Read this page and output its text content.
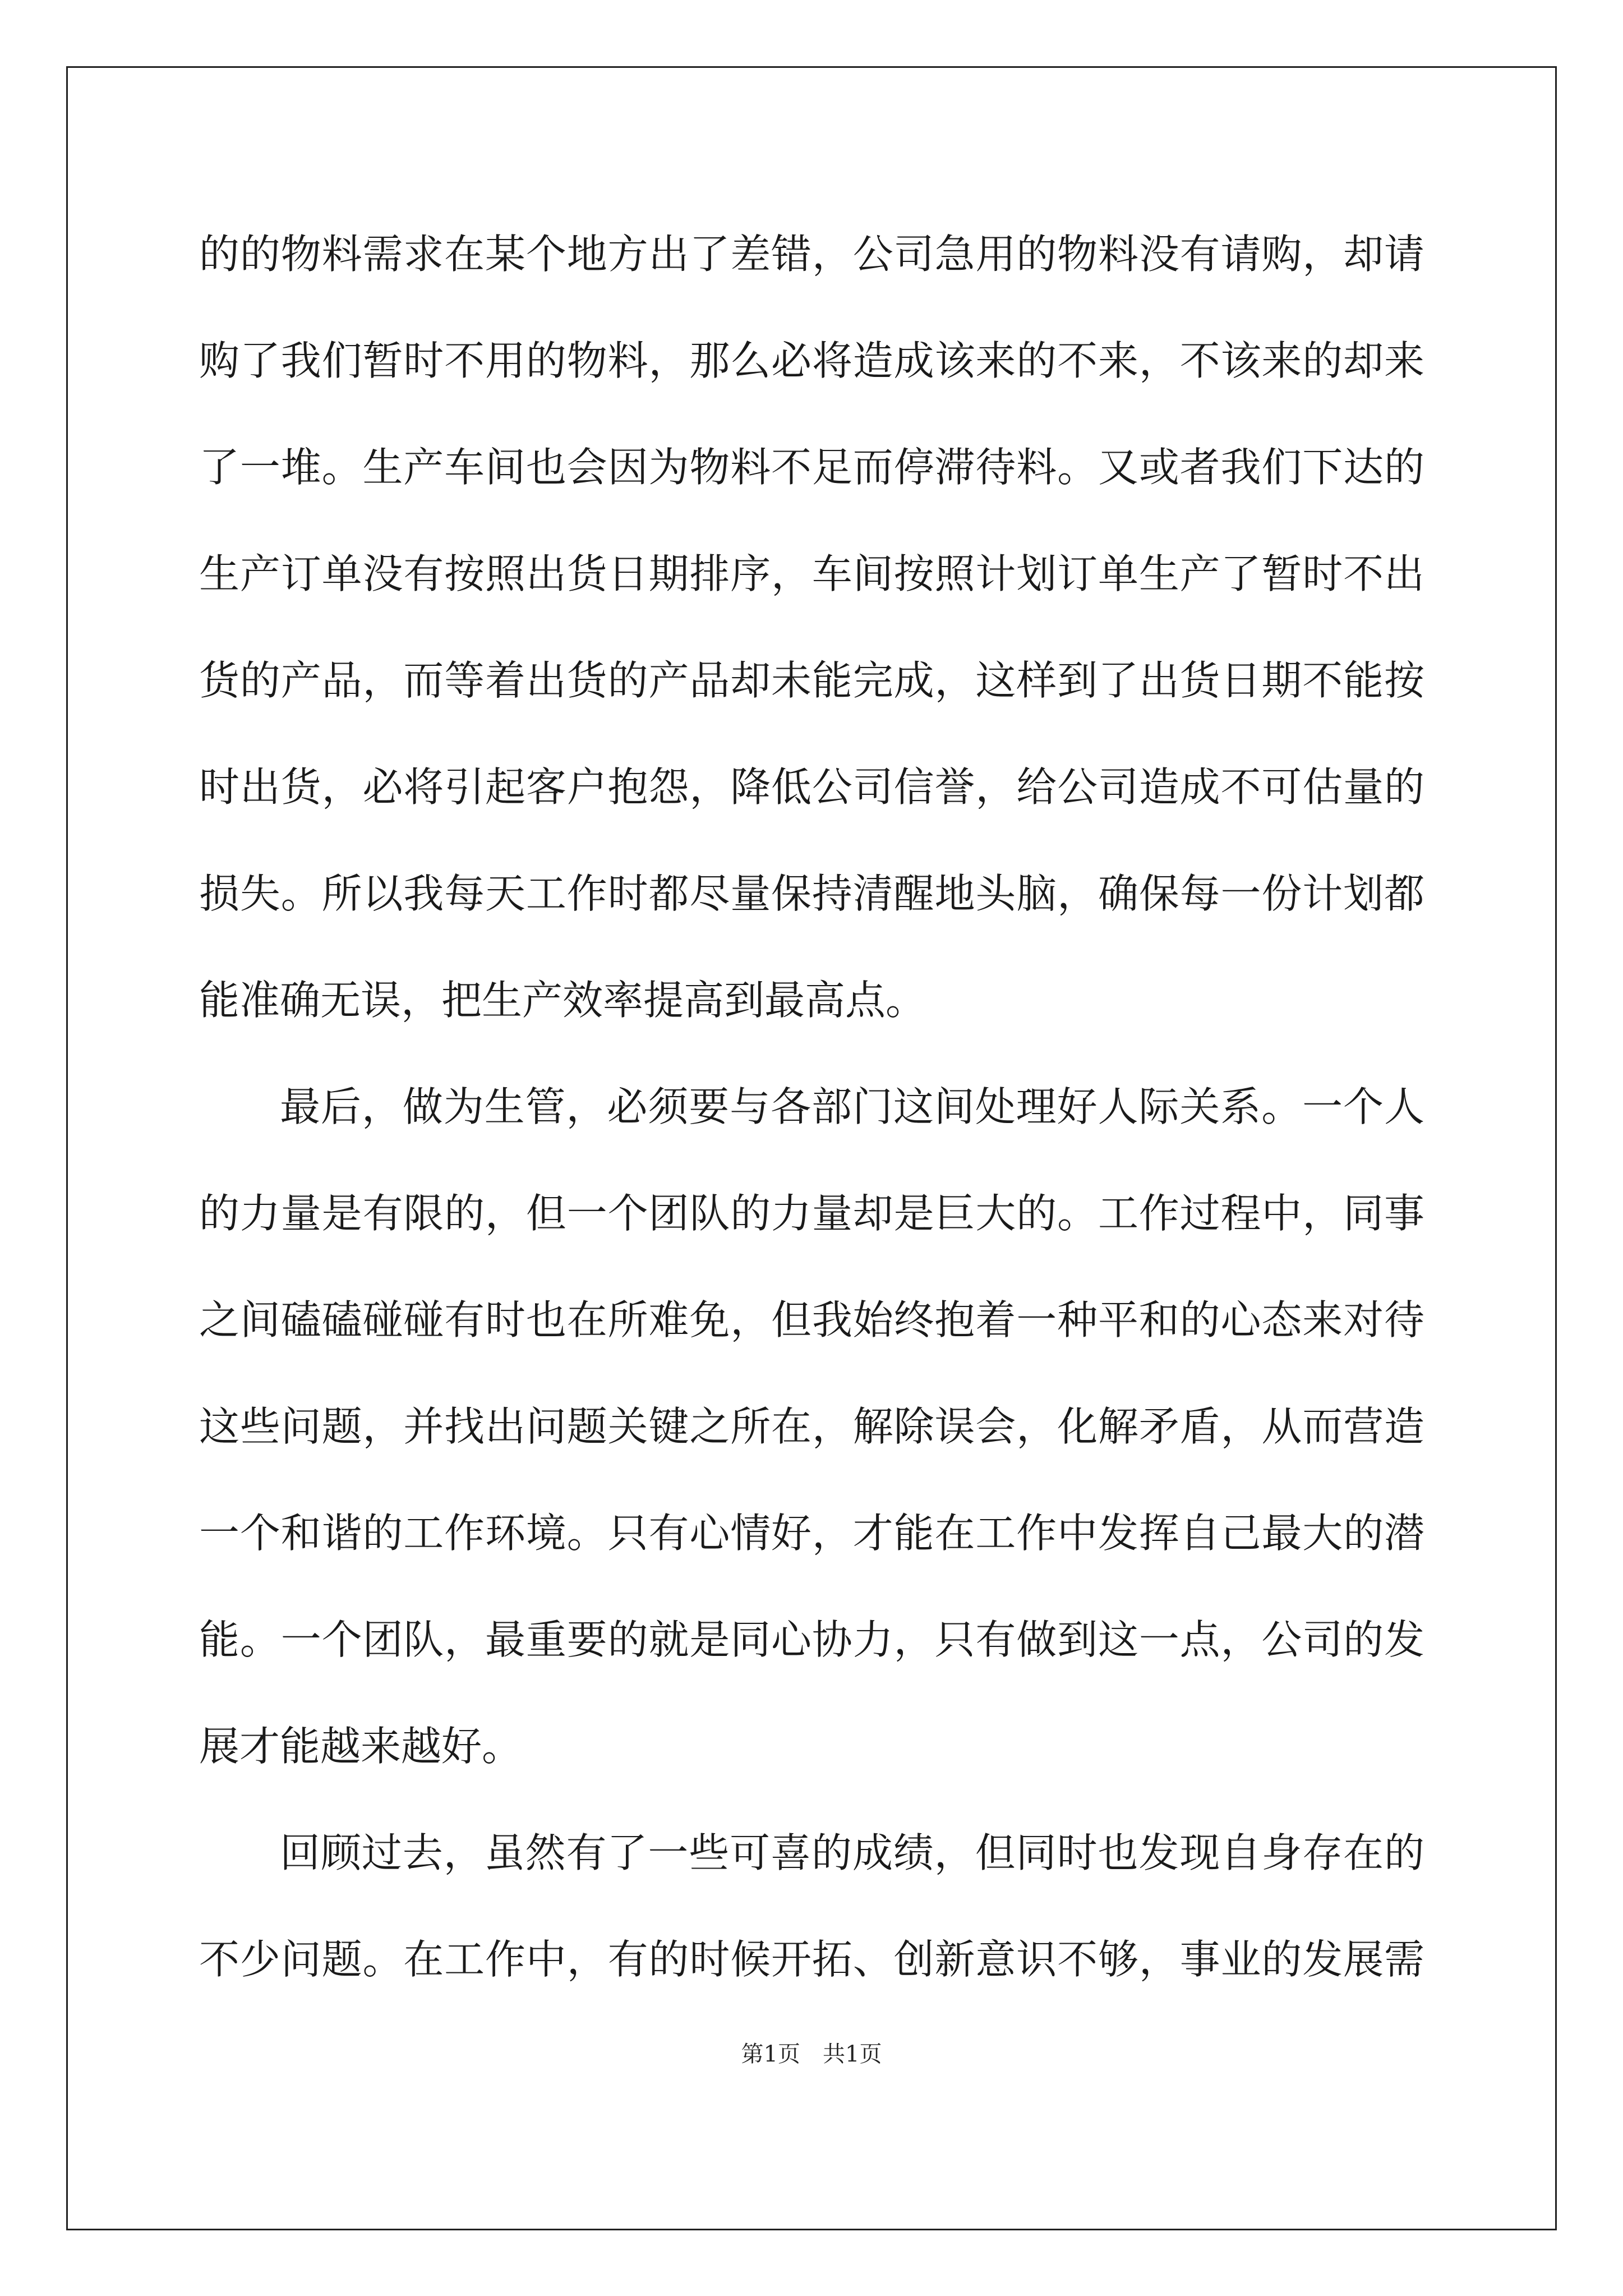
的的物料需求在某个地方出了差错，公司急用的物料没有请购，却请
购了我们暂时不用的物料，那么必将造成该来的不来，不该来的却来
了一堆。生产车间也会因为物料不足而停滞待料。又或者我们下达的
生产订单没有按照出货日期排序，车间按照计划订单生产了暂时不出
货的产品，而等着出货的产品却未能完成，这样到了出货日期不能按
时出货，必将引起客户抱怨，降低公司信誉，给公司造成不可估量的
损失。所以我每天工作时都尽量保持清醒地头脑，确保每一份计划都
能准确无误，把生产效率提高到最高点。
最后，做为生管，必须要与各部门这间处理好人际关系。一个人
的力量是有限的，但一个团队的力量却是巨大的。工作过程中，同事
之间磕磕碰碰有时也在所难免，但我始终抱着一种平和的心态来对待
这些问题，并找出问题关键之所在，解除误会，化解矛盾，从而营造
一个和谐的工作环境。只有心情好，才能在工作中发挥自己最大的潜
能。一个团队，最重要的就是同心协力，只有做到这一点，公司的发
展才能越来越好。
回顾过去，虽然有了一些可喜的成绩，但同时也发现自身存在的
不少问题。在工作中，有的时候开拓、创新意识不够，事业的发展需
第1页 共1页
